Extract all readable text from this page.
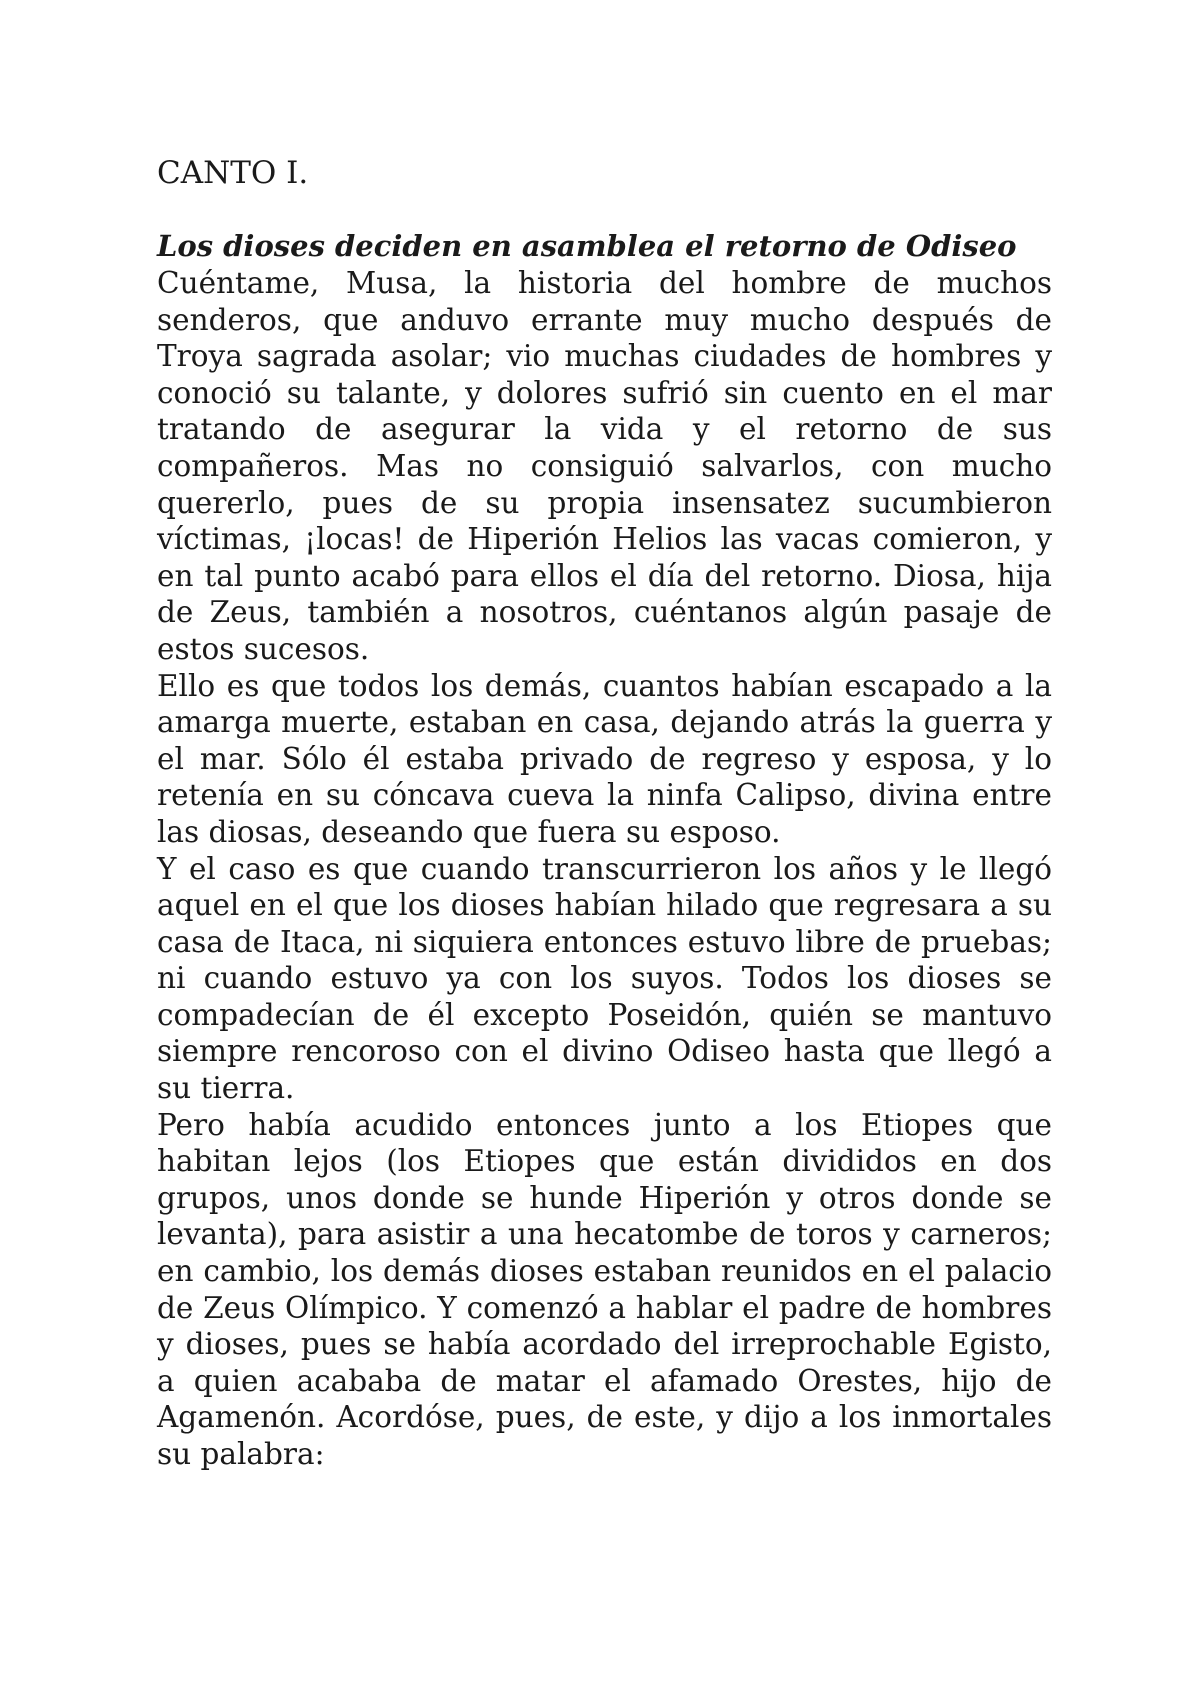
CANTO I.
Los dioses deciden en asamblea el retorno de Odiseo

Cuéntame, Musa, la historia del hombre de muchos senderos, que anduvo errante muy mucho después de Troya sagrada asolar; vio muchas ciudades de hombres y conoció su talante, y dolores sufrió sin cuento en el mar tratando de asegurar la vida y el retorno de sus compañeros. Mas no consiguió salvarlos, con mucho quererlo, pues de su propia insensatez sucumbieron víctimas, ¡locas! de Hiperión Helios las vacas comieron, y en tal punto acabó para ellos el día del retorno. Diosa, hija de Zeus, también a nosotros, cuéntanos algún pasaje de estos sucesos.

Ello es que todos los demás, cuantos habían escapado a la amarga muerte, estaban en casa, dejando atrás la guerra y el mar. Sólo él estaba privado de regreso y esposa, y lo retenía en su cóncava cueva la ninfa Calipso, divina entre las diosas, deseando que fuera su esposo.

Y el caso es que cuando transcurrieron los años y le llegó aquel en el que los dioses habían hilado que regresara a su casa de Itaca, ni siquiera entonces estuvo libre de pruebas; ni cuando estuvo ya con los suyos. Todos los dioses se compadecían de él excepto Poseidón, quién se mantuvo siempre rencoroso con el divino Odiseo hasta que llegó a su tierra.

Pero había acudido entonces junto a los Etiopes que habitan lejos (los Etiopes que están divididos en dos grupos, unos donde se hunde Hiperión y otros donde se levanta), para asistir a una hecatombe de toros y carneros; en cambio, los demás dioses estaban reunidos en el palacio de Zeus Olímpico. Y comenzó a hablar el padre de hombres y dioses, pues se había acordado del irreprochable Egisto, a quien acababa de matar el afamado Orestes, hijo de Agamenón. Acordóse, pues, de este, y dijo a los inmortales su palabra:
